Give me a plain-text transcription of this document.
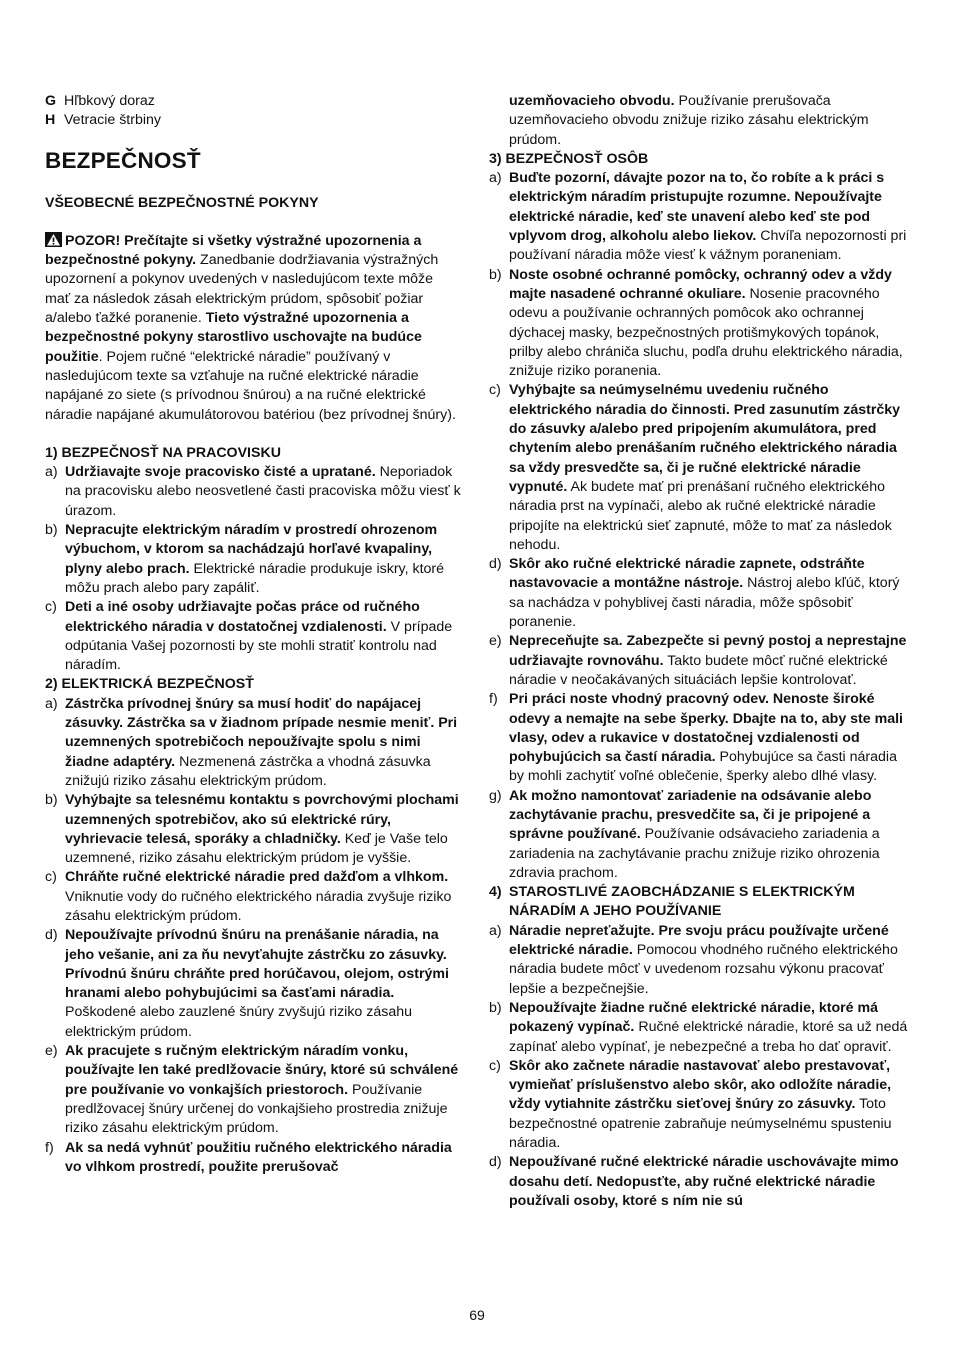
G Hľbkový doraz

H Vetracie štrbiny

BEZPEČNOSŤ
VŠEOBECNÉ BEZPEČNOSTNÉ POKYNY

POZOR! Prečítajte si všetky výstražné upozornenia a bezpečnostné pokyny. Zanedbanie dodržiavania výstražných upozornení a pokynov uvedených v nasledujúcom texte môže mať za následok zásah elektrickým prúdom, spôsobiť požiar a/alebo ťažké poranenie. Tieto výstražné upozornenia a bezpečnostné pokyny starostlivo uschovajte na budúce použitie. Pojem ručné “elektrické náradie” používaný v nasledujúcom texte sa vzťahuje na ručné elektrické náradie napájané zo siete (s prívodnou šnúrou) a na ručné elektrické náradie napájané akumulátorovou batériou (bez prívodnej šnúry).

1) BEZPEČNOSŤ NA PRACOVISKU
a) Udržiavajte svoje pracovisko čisté a upratané. Neporiadok na pracovisku alebo neosvetlené časti pracoviska môžu viesť k úrazom.
b) Nepracujte elektrickým náradím v prostredí ohrozenom výbuchom, v ktorom sa nachádzajú horľavé kvapaliny, plyny alebo prach. Elektrické náradie produkuje iskry, ktoré môžu prach alebo pary zapáliť.
c) Deti a iné osoby udržiavajte počas práce od ručného elektrického náradia v dostatočnej vzdialenosti. V prípade odpútania Vašej pozornosti by ste mohli stratiť kontrolu nad náradím.
2) ELEKTRICKÁ BEZPEČNOSŤ
a) Zástrčka prívodnej šnúry sa musí hodiť do napájacej zásuvky. Zástrčka sa v žiadnom prípade nesmie meniť. Pri uzemnených spotrebičoch nepoužívajte spolu s nimi žiadne adaptéry. Nezmenená zástrčka a vhodná zásuvka znižujú riziko zásahu elektrickým prúdom.
b) Vyhýbajte sa telesnému kontaktu s povrchovými plochami uzemnených spotrebičov, ako sú elektrické rúry, vyhrievacie telesá, sporáky a chladničky. Keď je Vaše telo uzemnené, riziko zásahu elektrickým prúdom je vyššie.
c) Chráňte ručné elektrické náradie pred dažďom a vlhkom. Vniknutie vody do ručného elektrického náradia zvyšuje riziko zásahu elektrickým prúdom.
d) Nepoužívajte prívodnú šnúru na prenášanie náradia, na jeho vešanie, ani za ňu nevyťahujte zástrčku zo zásuvky. Prívodnú šnúru chráňte pred horúčavou, olejom, ostrými hranami alebo pohybujúcimi sa časťami náradia. Poškodené alebo zauzlené šnúry zvyšujú riziko zásahu elektrickým prúdom.
e) Ak pracujete s ručným elektrickým náradím vonku, používajte len také predlžovacie šnúry, ktoré sú schválené pre používanie vo vonkajších priestoroch. Používanie predlžovacej šnúry určenej do vonkajšieho prostredia znižuje riziko zásahu elektrickým prúdom.
f) Ak sa nedá vyhnúť použitiu ručného elektrického náradia vo vlhkom prostredí, použite prerušovač

uzemňovacieho obvodu. Používanie prerušovača uzemňovacieho obvodu znižuje riziko zásahu elektrickým prúdom.

3) BEZPEČNOSŤ OSÔB
a) Buďte pozorní, dávajte pozor na to, čo robíte a k práci s elektrickým náradím pristupujte rozumne. Nepoužívajte elektrické náradie, keď ste unavení alebo keď ste pod vplyvom drog, alkoholu alebo liekov. Chvíľa nepozornosti pri používaní náradia môže viesť k vážnym poraneniam.
b) Noste osobné ochranné pomôcky, ochranný odev a vždy majte nasadené ochranné okuliare. Nosenie pracovného odevu a používanie ochranných pomôcok ako ochrannej dýchacej masky, bezpečnostných protišmykových topánok, prilby alebo chrániča sluchu, podľa druhu elektrického náradia, znižuje riziko poranenia.
c) Vyhýbajte sa neúmyselnému uvedeniu ručného elektrického náradia do činnosti. Pred zasunutím zástrčky do zásuvky a/alebo pred pripojením akumulátora, pred chytením alebo prenášaním ručného elektrického náradia sa vždy presvedčte sa, či je ručné elektrické náradie vypnuté. Ak budete mať pri prenášaní ručného elektrického náradia prst na vypínači, alebo ak ručné elektrické náradie pripojíte na elektrickú sieť zapnuté, môže to mať za následok nehodu.
d) Skôr ako ručné elektrické náradie zapnete, odstráňte nastavovacie a montážne nástroje. Nástroj alebo kľúč, ktorý sa nachádza v pohyblivej časti náradia, môže spôsobiť poranenie.
e) Nepreceňujte sa. Zabezpečte si pevný postoj a neprestajne udržiavajte rovnováhu. Takto budete môcť ručné elektrické náradie v neočakávaných situáciách lepšie kontrolovať.
f) Pri práci noste vhodný pracovný odev. Nenoste široké odevy a nemajte na sebe šperky. Dbajte na to, aby ste mali vlasy, odev a rukavice v dostatočnej vzdialenosti od pohybujúcich sa častí náradia. Pohybujúce sa časti náradia by mohli zachytiť voľné oblečenie, šperky alebo dlhé vlasy.
g) Ak možno namontovať zariadenie na odsávanie alebo zachytávanie prachu, presvedčite sa, či je pripojené a správne používané. Používanie odsávacieho zariadenia a zariadenia na zachytávanie prachu znižuje riziko ohrozenia zdravia prachom.
4) STAROSTLIVÉ ZAOBCHÁDZANIE S ELEKTRICKÝM NÁRADÍM A JEHO POUŽÍVANIE
a) Náradie nepreťažujte. Pre svoju prácu používajte určené elektrické náradie. Pomocou vhodného ručného elektrického náradia budete môcť v uvedenom rozsahu výkonu pracovať lepšie a bezpečnejšie.
b) Nepoužívajte žiadne ručné elektrické náradie, ktoré má pokazený vypínač. Ručné elektrické náradie, ktoré sa už nedá zapínať alebo vypínať, je nebezpečné a treba ho dať opraviť.
c) Skôr ako začnete náradie nastavovať alebo prestavovať, vymieňať príslušenstvo alebo skôr, ako odložíte náradie, vždy vytiahnite zástrčku sieťovej šnúry zo zásuvky. Toto bezpečnostné opatrenie zabraňuje neúmyselnému spusteniu náradia.
d) Nepoužívané ručné elektrické náradie uschovávajte mimo dosahu detí. Nedopusťte, aby ručné elektrické náradie používali osoby, ktoré s ním nie sú
69
